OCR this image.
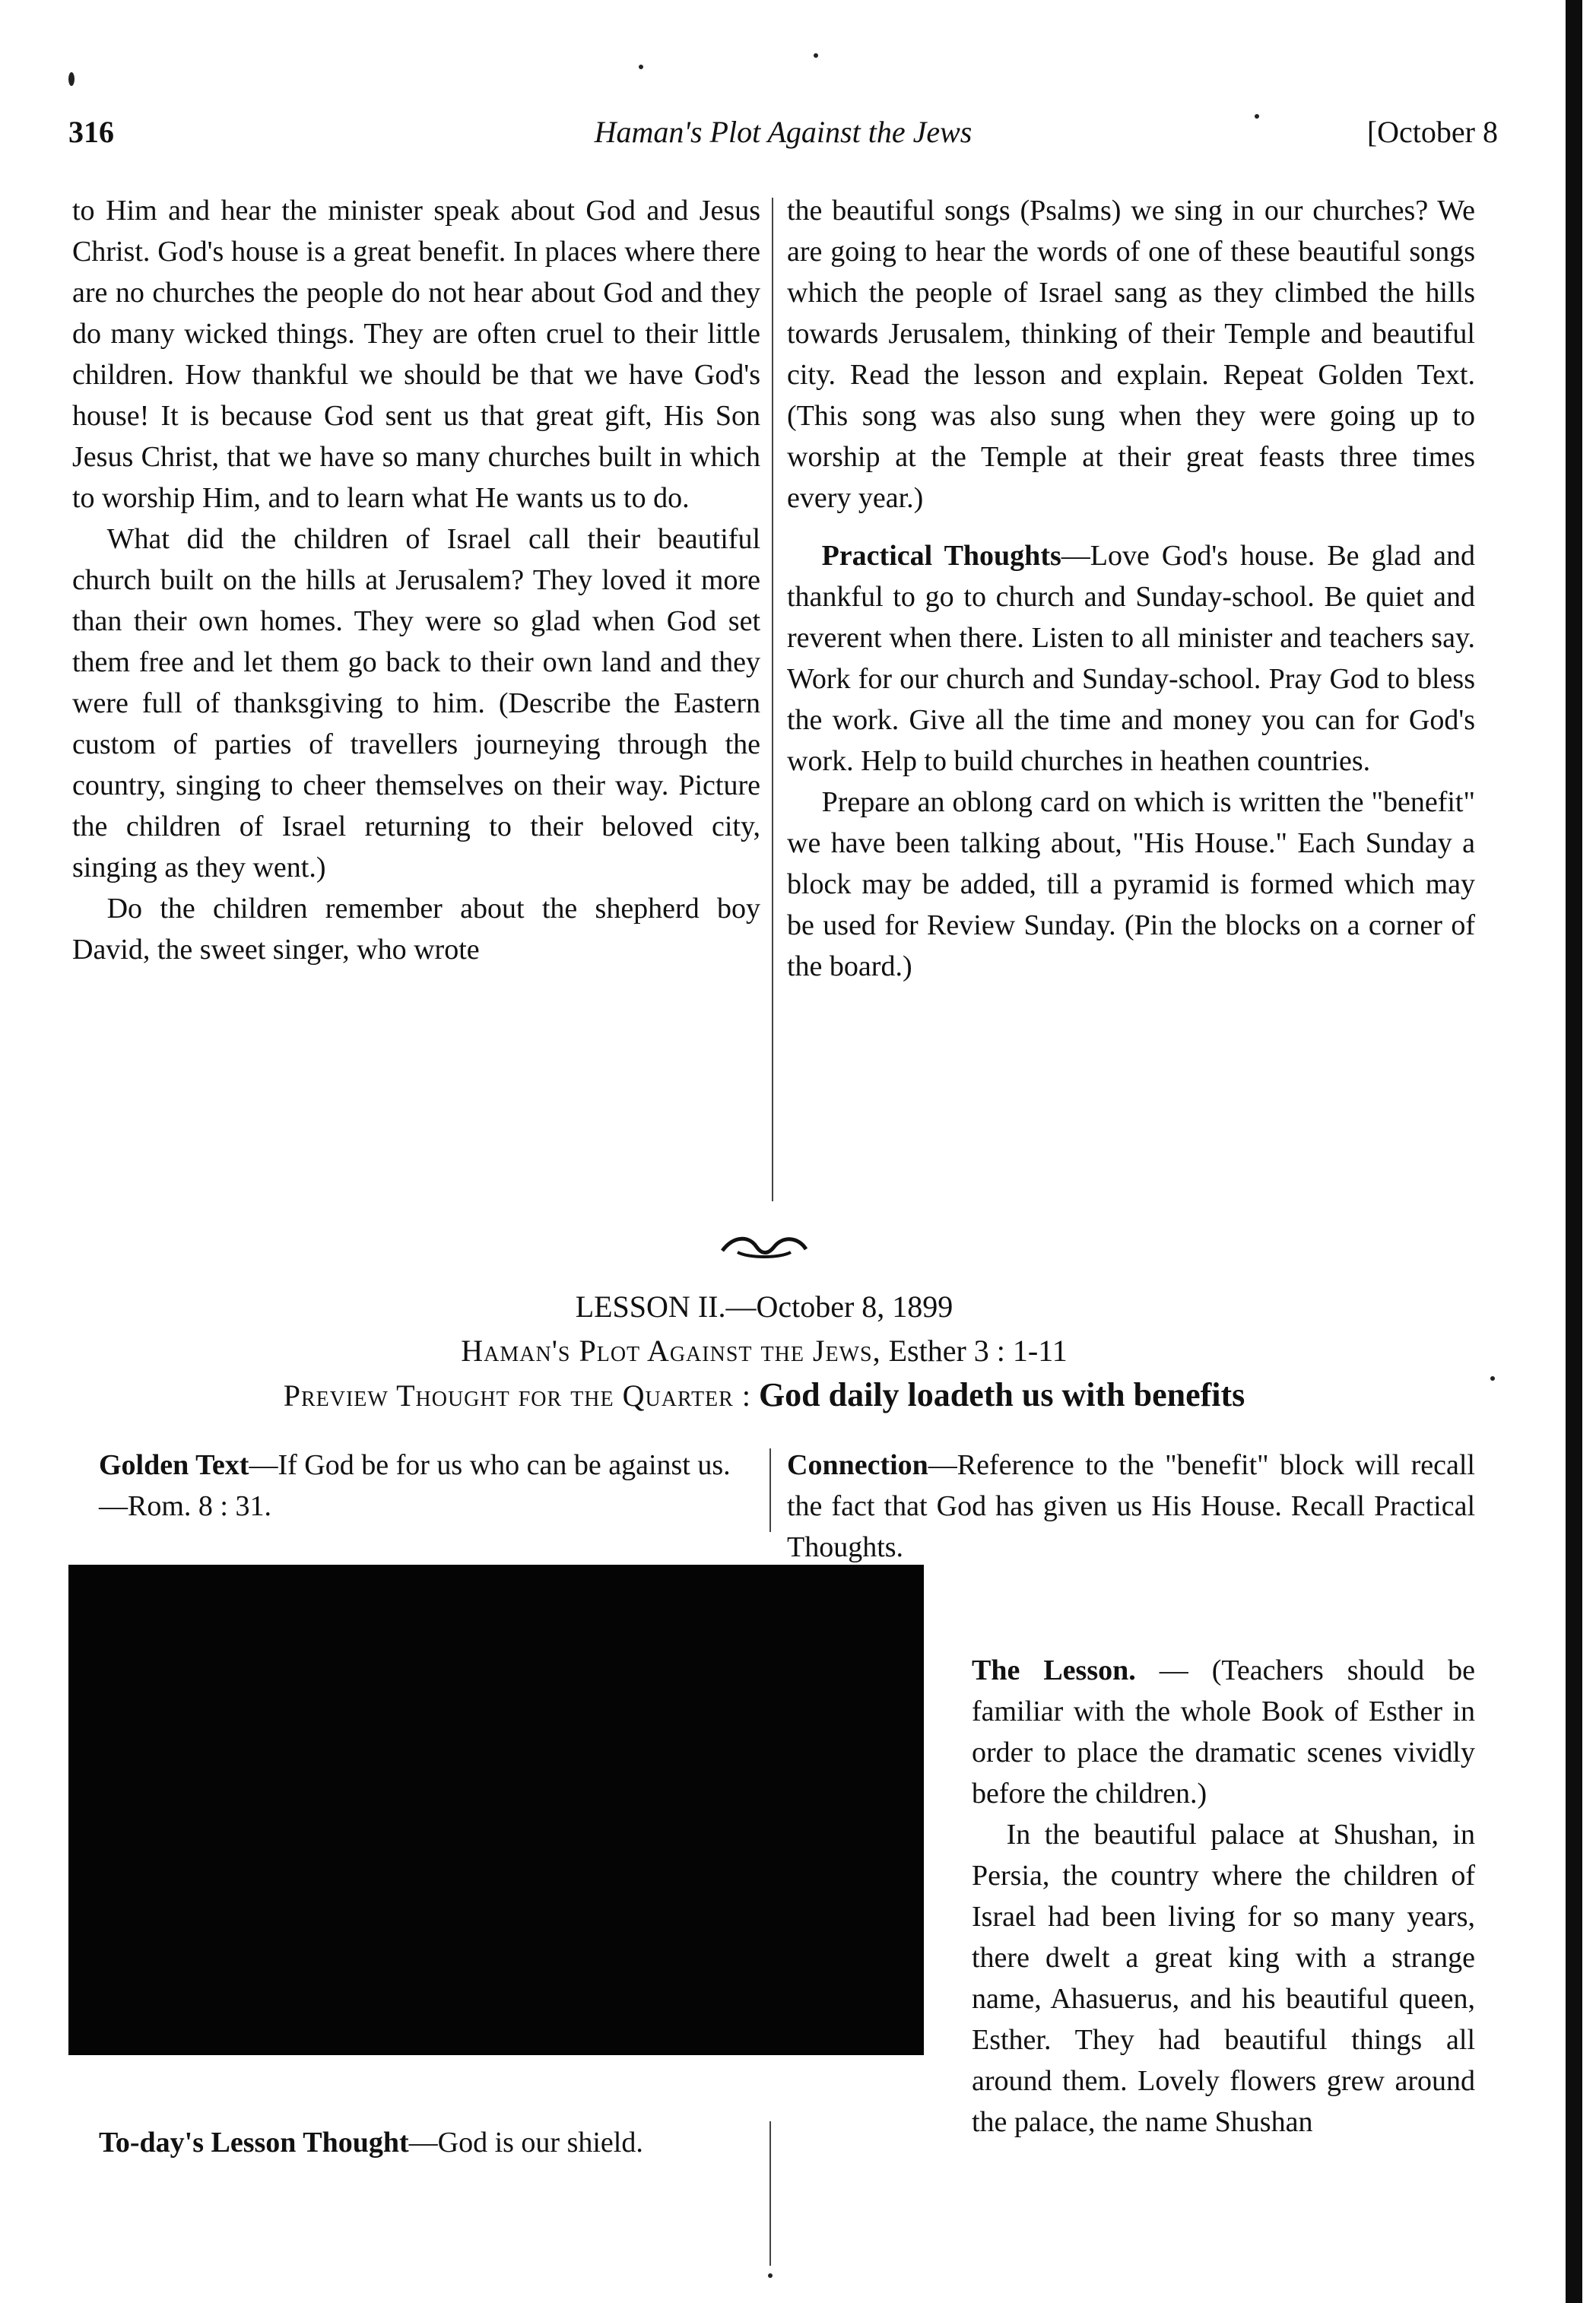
316	Haman's Plot Against the Jews	[October 8

to Him and hear the minister speak about God and Jesus Christ. God's house is a great benefit. In places where there are no churches the people do not hear about God and they do many wicked things. They are often cruel to their little children. How thankful we should be that we have God's house! It is because God sent us that great gift, His Son Jesus Christ, that we have so many churches built in which to worship Him, and to learn what He wants us to do.

What did the children of Israel call their beautiful church built on the hills at Jerusalem? They loved it more than their own homes. They were so glad when God set them free and let them go back to their own land and they were full of thanksgiving to him. (Describe the Eastern custom of parties of travellers journeying through the country, singing to cheer themselves on their way. Picture the children of Israel returning to their beloved city, singing as they went.)

Do the children remember about the shepherd boy David, the sweet singer, who wrote

the beautiful songs (Psalms) we sing in our churches? We are going to hear the words of one of these beautiful songs which the people of Israel sang as they climbed the hills towards Jerusalem, thinking of their Temple and beautiful city. Read the lesson and explain. Repeat Golden Text. (This song was also sung when they were going up to worship at the Temple at their great feasts three times every year.)

Practical Thoughts—Love God's house. Be glad and thankful to go to church and Sunday-school. Be quiet and reverent when there. Listen to all minister and teachers say. Work for our church and Sunday-school. Pray God to bless the work. Give all the time and money you can for God's work. Help to build churches in heathen countries.

Prepare an oblong card on which is written the "benefit" we have been talking about, "His House." Each Sunday a block may be added, till a pyramid is formed which may be used for Review Sunday. (Pin the blocks on a corner of the board.)

LESSON II.—October 8, 1899
Haman's Plot Against the Jews, Esther 3 : 1-11
Preview Thought for the Quarter : God daily loadeth us with benefits
Golden Text—If God be for us who can be against us.—Rom. 8 : 31.
Connection—Reference to the "benefit" block will recall the fact that God has given us His House. Recall Practical Thoughts.

The Lesson. — (Teachers should be familiar with the whole Book of Esther in order to place the dramatic scenes vividly before the children.)

In the beautiful palace at Shushan, in Persia, the country where the children of Israel had been living for so many years, there dwelt a great king with a strange name, Ahasuerus, and his beautiful queen, Esther. They had beautiful things all around them. Lovely flowers grew around the palace, the name Shushan

To-day's Lesson Thought—God is our shield.
